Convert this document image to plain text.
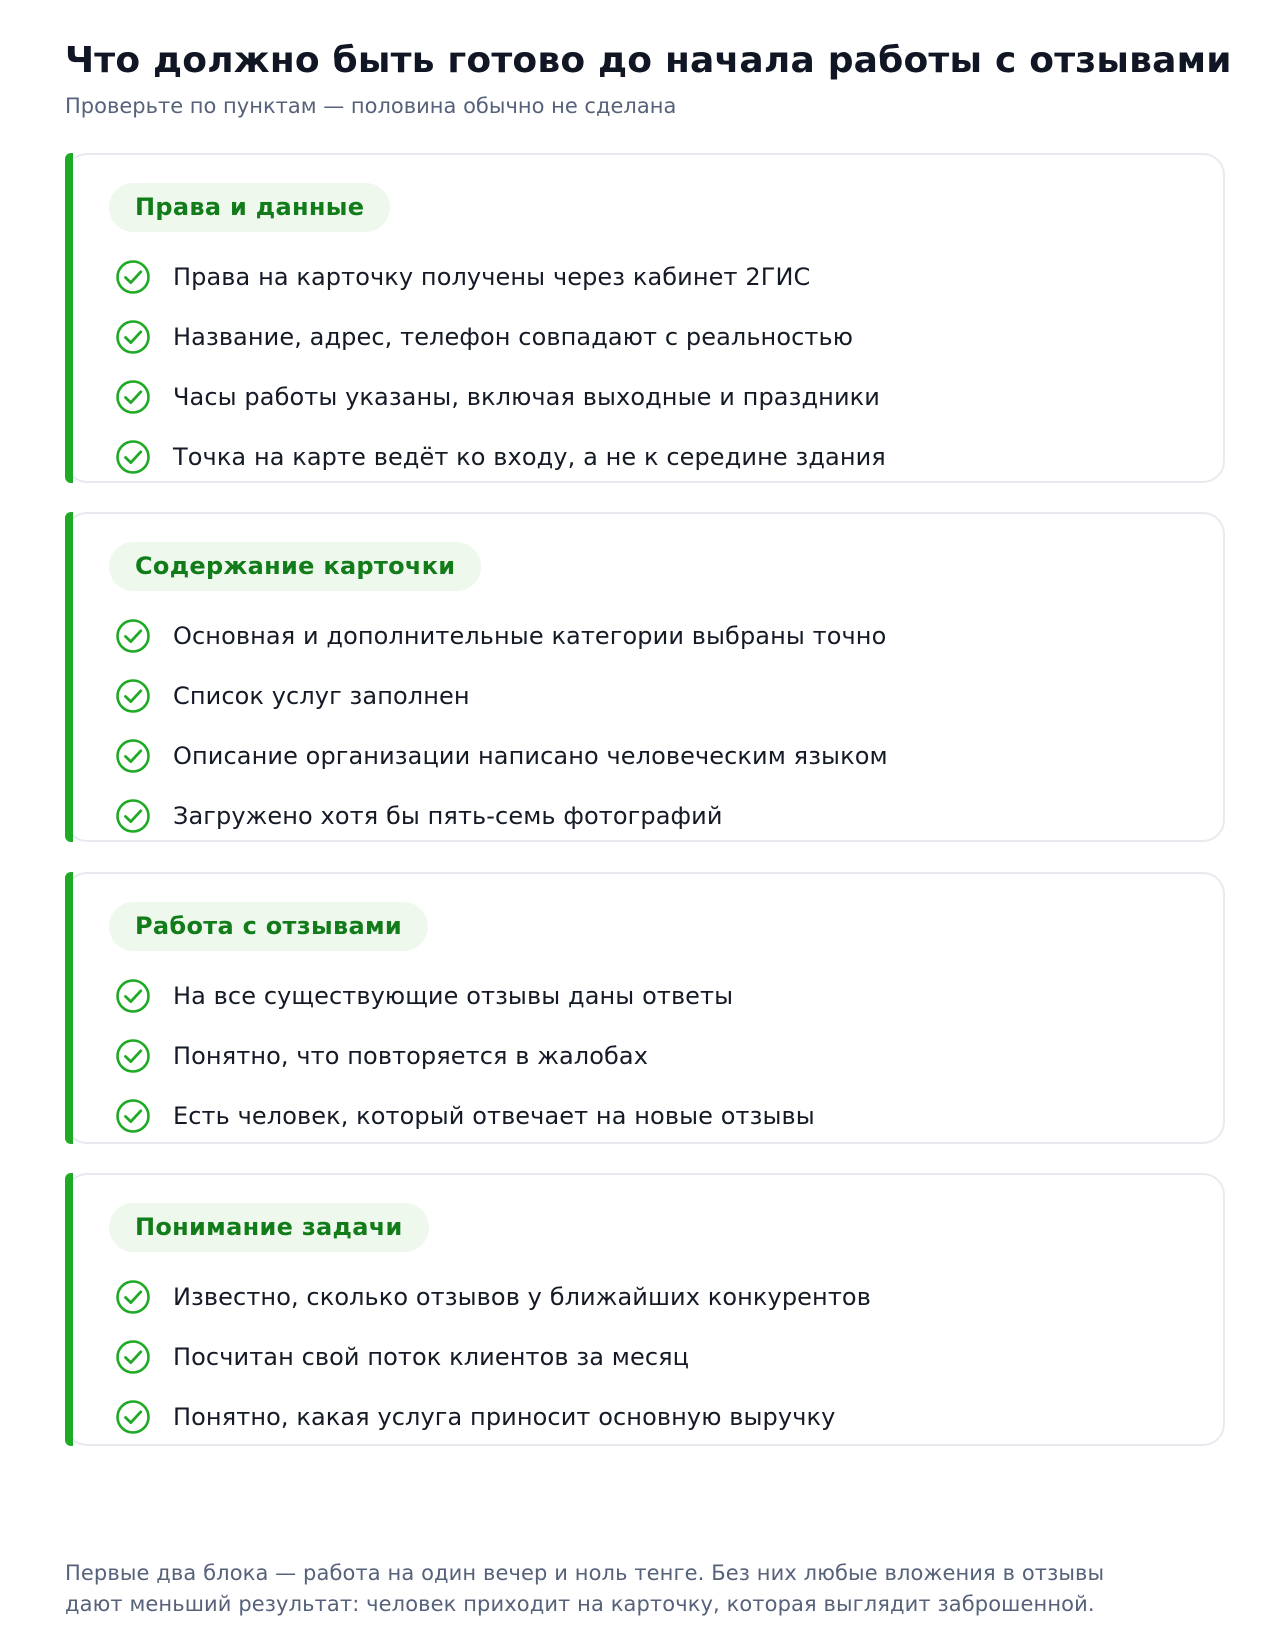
Что должно быть готово до начала работы с отзывами

Проверьте по пунктам — половина обычно не сделана

Права и данные
Права на карточку получены через кабинет 2ГИС
Название, адрес, телефон совпадают с реальностью
Часы работы указаны, включая выходные и праздники
Точка на карте ведёт ко входу, а не к середине здания
Содержание карточки
Основная и дополнительные категории выбраны точно
Список услуг заполнен
Описание организации написано человеческим языком
Загружено хотя бы пять-семь фотографий
Работа с отзывами
На все существующие отзывы даны ответы
Понятно, что повторяется в жалобах
Есть человек, который отвечает на новые отзывы
Понимание задачи
Известно, сколько отзывов у ближайших конкурентов
Посчитан свой поток клиентов за месяц
Понятно, какая услуга приносит основную выручку
Первые два блока — работа на один вечер и ноль тенге. Без них любые вложения в отзывы
дают меньший результат: человек приходит на карточку, которая выглядит заброшенной.
